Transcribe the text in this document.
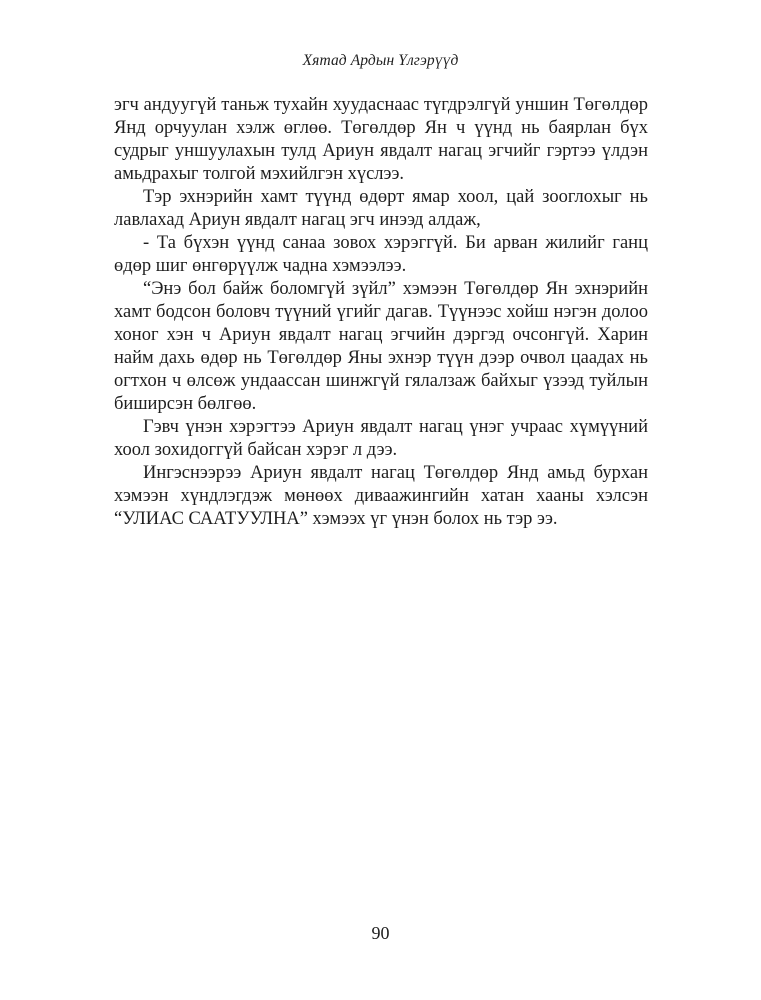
Хятад Ардын Үлгэрүүд

эгч андуугүй таньж тухайн хуудаснаас түгдрэлгүй уншин Төгөлдөр Янд орчуулан хэлж өглөө. Төгөлдөр Ян ч үүнд нь баярлан бүх судрыг уншуулахын тулд Ариун явдалт нагац эгчийг гэртээ үлдэн амьдрахыг толгой мэхийлгэн хүслээ.

Тэр эхнэрийн хамт түүнд өдөрт ямар хоол, цай зооглохыг нь лавлахад Ариун явдалт нагац эгч инээд алдаж,

- Та бүхэн үүнд санаа зовох хэрэггүй. Би арван жилийг ганц өдөр шиг өнгөрүүлж чадна хэмээлээ.

“Энэ бол байж боломгүй зүйл” хэмээн Төгөлдөр Ян эхнэрийн хамт бодсон боловч түүний үгийг дагав. Түүнээс хойш нэгэн долоо хоног хэн ч Ариун явдалт нагац эгчийн дэргэд очсонгүй. Харин найм дахь өдөр нь Төгөлдөр Яны эхнэр түүн дээр очвол цаадах нь огтхон ч өлсөж ундаассан шинжгүй гялалзаж байхыг үзээд туйлын биширсэн бөлгөө.

Гэвч үнэн хэрэгтээ Ариун явдалт нагац үнэг учраас хүмүүний хоол зохидоггүй байсан хэрэг л дээ.

Ингэснээрээ Ариун явдалт нагац Төгөлдөр Янд амьд бурхан хэмээн хүндлэгдэж мөнөөх диваажингийн хатан хааны хэлсэн “УЛИАС СААТУУЛНА” хэмээх үг үнэн болох нь тэр ээ.

90
